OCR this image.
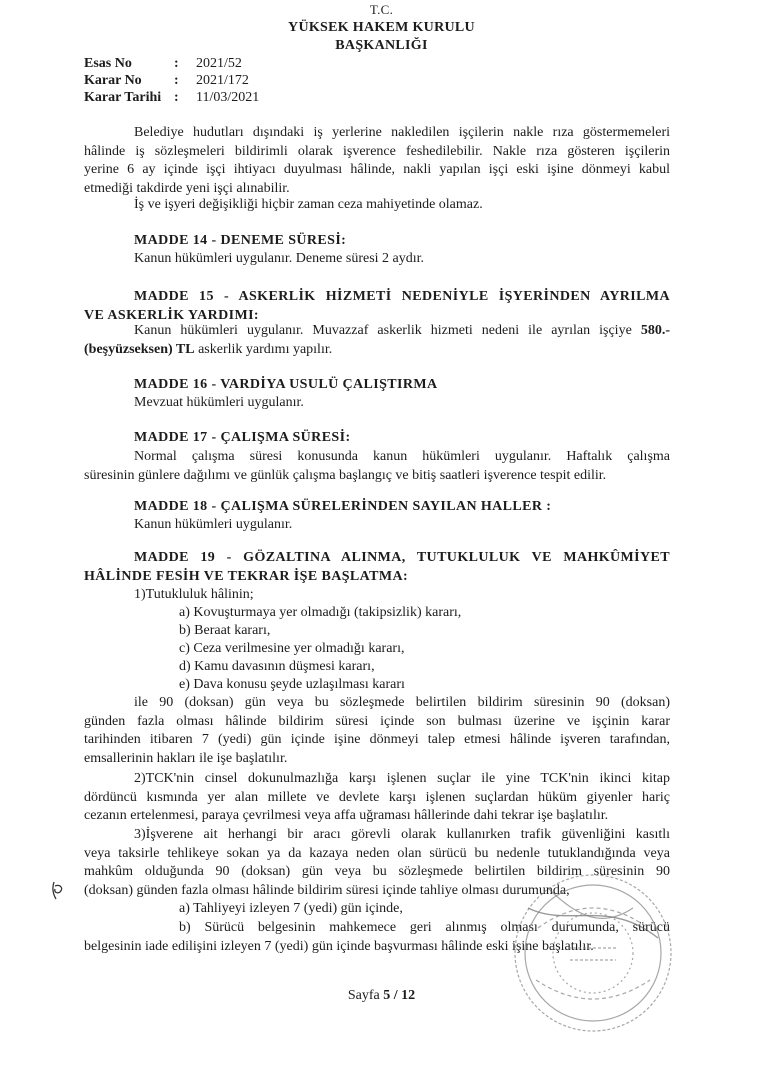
T.C.
YÜKSEK HAKEM KURULU
BAŞKANLIĞI
Esas No	: 2021/52
Karar No : 2021/172
Karar Tarihi : 11/03/2021
Belediye hudutları dışındaki iş yerlerine nakledilen işçilerin nakle rıza göstermemeleri
hâlinde iş sözleşmeleri bildirimli olarak işverence feshedilebilir. Nakle rıza gösteren işçilerin
yerine 6 ay içinde işçi ihtiyacı duyulması hâlinde, nakli yapılan işçi eski işine dönmeyi kabul
etmediği takdirde yeni işçi alınabilir.
İş ve işyeri değişikliği hiçbir zaman ceza mahiyetinde olamaz.
MADDE 14 - DENEME SÜRESİ:
Kanun hükümleri uygulanır. Deneme süresi 2 aydır.
MADDE 15 - ASKERLİK HİZMETİ NEDENİYLE İŞYERİNDEN AYRILMA
VE ASKERLİK YARDIMI:
Kanun hükümleri uygulanır. Muvazzaf askerlik hizmeti nedeni ile ayrılan işçiye 580.-
(beşyüzseksen) TL askerlik yardımı yapılır.
MADDE 16 - VARDİYA USULÜ ÇALIŞTIRMA
Mevzuat hükümleri uygulanır.
MADDE 17 - ÇALIŞMA SÜRESİ:
Normal çalışma süresi konusunda kanun hükümleri uygulanır. Haftalık çalışma
süresinin günlere dağılımı ve günlük çalışma başlangıç ve bitiş saatleri işverence tespit edilir.
MADDE 18 - ÇALIŞMA SÜRELERİNDEN SAYILAN HALLER :
Kanun hükümleri uygulanır.
MADDE 19 - GÖZALTINA ALINMA, TUTUKLULUK VE MAHKÛMİYET
HÂLİNDE FESİH VE TEKRAR İŞE BAŞLATMA:
1)Tutukluluk hâlinin;
a) Kovuşturmaya yer olmadığı (takipsizlik) kararı,
b) Beraat kararı,
c) Ceza verilmesine yer olmadığı kararı,
d) Kamu davasının düşmesi kararı,
e) Dava konusu şeyde uzlaşılması kararı
ile 90 (doksan) gün veya bu sözleşmede belirtilen bildirim süresinin 90 (doksan)
günden fazla olması hâlinde bildirim süresi içinde son bulması üzerine ve işçinin karar
tarihinden itibaren 7 (yedi) gün içinde işine dönmeyi talep etmesi hâlinde işveren tarafından,
emsallerinin hakları ile işe başlatılır.
2)TCK'nin cinsel dokunulmazlığa karşı işlenen suçlar ile yine TCK'nin ikinci kitap
dördüncü kısmında yer alan millete ve devlete karşı işlenen suçlardan hüküm giyenler hariç
cezanın ertelenmesi, paraya çevrilmesi veya affa uğraması hâllerinde dahi tekrar işe başlatılır.
3)İşverene ait herhangi bir aracı görevli olarak kullanırken trafik güvenliğini kasıtlı
veya taksirle tehlikeye sokan ya da kazaya neden olan sürücü bu nedenle tutuklandığında veya
mahkûm olduğunda 90 (doksan) gün veya bu sözleşmede belirtilen bildirim süresinin 90
(doksan) günden fazla olması hâlinde bildirim süresi içinde tahliye olması durumunda,
a) Tahliyeyi izleyen 7 (yedi) gün içinde,
b) Sürücü belgesinin mahkemece geri alınmış olması durumunda, sürücü
belgesinin iade edilişini izleyen 7 (yedi) gün içinde başvurması hâlinde eski işine başlatılır.
Sayfa 5 / 12
